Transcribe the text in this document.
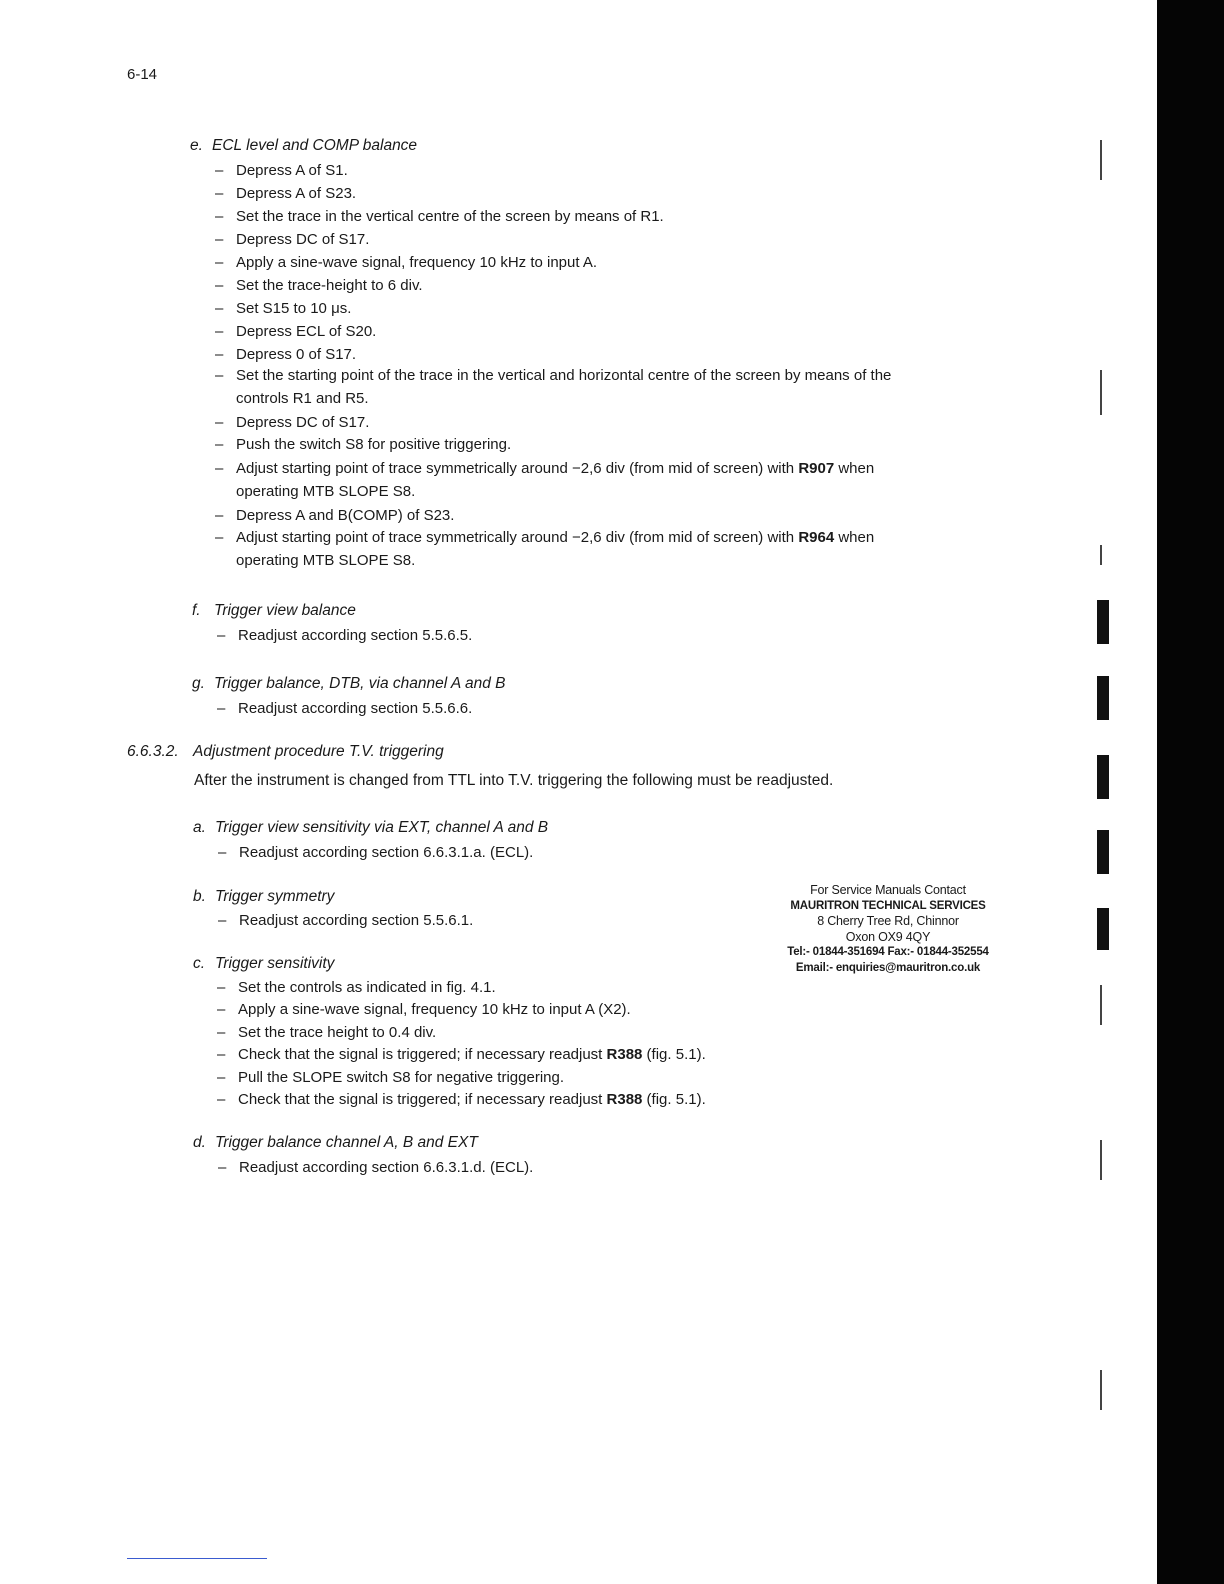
6-14
e. ECL level and COMP balance
– Depress A of S1.
– Depress A of S23.
– Set the trace in the vertical centre of the screen by means of R1.
– Depress DC of S17.
– Apply a sine-wave signal, frequency 10 kHz to input A.
– Set the trace-height to 6 div.
– Set S15 to 10 μs.
– Depress ECL of S20.
– Depress 0 of S17.
– Set the starting point of the trace in the vertical and horizontal centre of the screen by means of the
controls R1 and R5.
– Depress DC of S17.
– Push the switch S8 for positive triggering.
– Adjust starting point of trace symmetrically around −2,6 div (from mid of screen) with R907 when
operating MTB SLOPE S8.
– Depress A and B(COMP) of S23.
– Adjust starting point of trace symmetrically around −2,6 div (from mid of screen) with R964 when
operating MTB SLOPE S8.
f. Trigger view balance
– Readjust according section 5.5.6.5.
g. Trigger balance, DTB, via channel A and B
– Readjust according section 5.5.6.6.
6.6.3.2. Adjustment procedure T.V. triggering
After the instrument is changed from TTL into T.V. triggering the following must be readjusted.
a. Trigger view sensitivity via EXT, channel A and B
– Readjust according section 6.6.3.1.a. (ECL).
b. Trigger symmetry
– Readjust according section 5.5.6.1.
c. Trigger sensitivity
– Set the controls as indicated in fig. 4.1.
– Apply a sine-wave signal, frequency 10 kHz to input A (X2).
– Set the trace height to 0.4 div.
– Check that the signal is triggered; if necessary readjust R388 (fig. 5.1).
– Pull the SLOPE switch S8 for negative triggering.
– Check that the signal is triggered; if necessary readjust R388 (fig. 5.1).
d. Trigger balance channel A, B and EXT
– Readjust according section 6.6.3.1.d. (ECL).
For Service Manuals Contact
MAURITRON TECHNICAL SERVICES
8 Cherry Tree Rd, Chinnor
Oxon OX9 4QY
Tel:- 01844-351694 Fax:- 01844-352554
Email:- enquiries@mauritron.co.uk
